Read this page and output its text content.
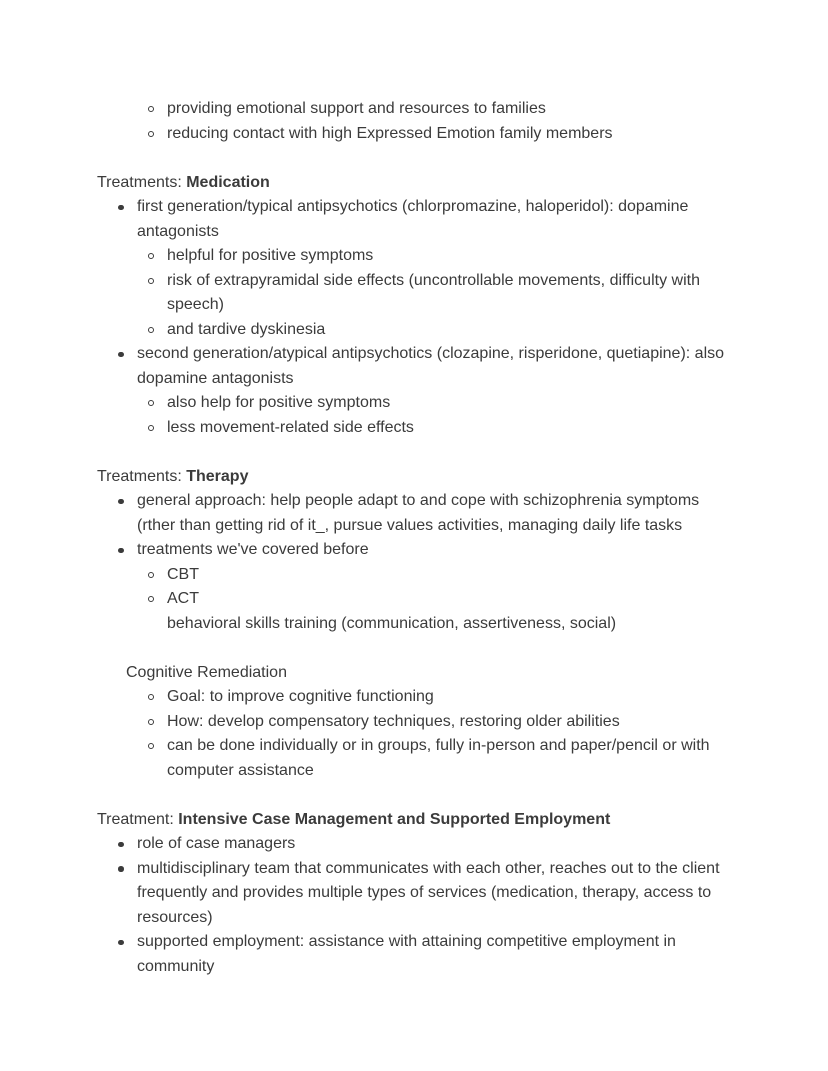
providing emotional support and resources to families
reducing contact with high Expressed Emotion family members

Treatments: Medication

first generation/typical antipsychotics (chlorpromazine, haloperidol): dopamine antagonists
helpful for positive symptoms
risk of extrapyramidal side effects (uncontrollable movements, difficulty with speech)
and tardive dyskinesia
second generation/atypical antipsychotics (clozapine, risperidone, quetiapine): also dopamine antagonists
also help for positive symptoms
less movement-related side effects

Treatments: Therapy

general approach: help people adapt to and cope with schizophrenia symptoms (rther than getting rid of it_, pursue values activities, managing daily life tasks
treatments we've covered before
CBT
ACT
behavioral skills training (communication, assertiveness, social)
Cognitive Remediation
Goal: to improve cognitive functioning
How: develop compensatory techniques, restoring older abilities
can be done individually or in groups, fully in-person and paper/pencil or with computer assistance

Treatment: Intensive Case Management and Supported Employment

role of case managers
multidisciplinary team that communicates with each other, reaches out to the client frequently and provides multiple types of services (medication, therapy, access to resources)
supported employment: assistance with attaining competitive employment in community
